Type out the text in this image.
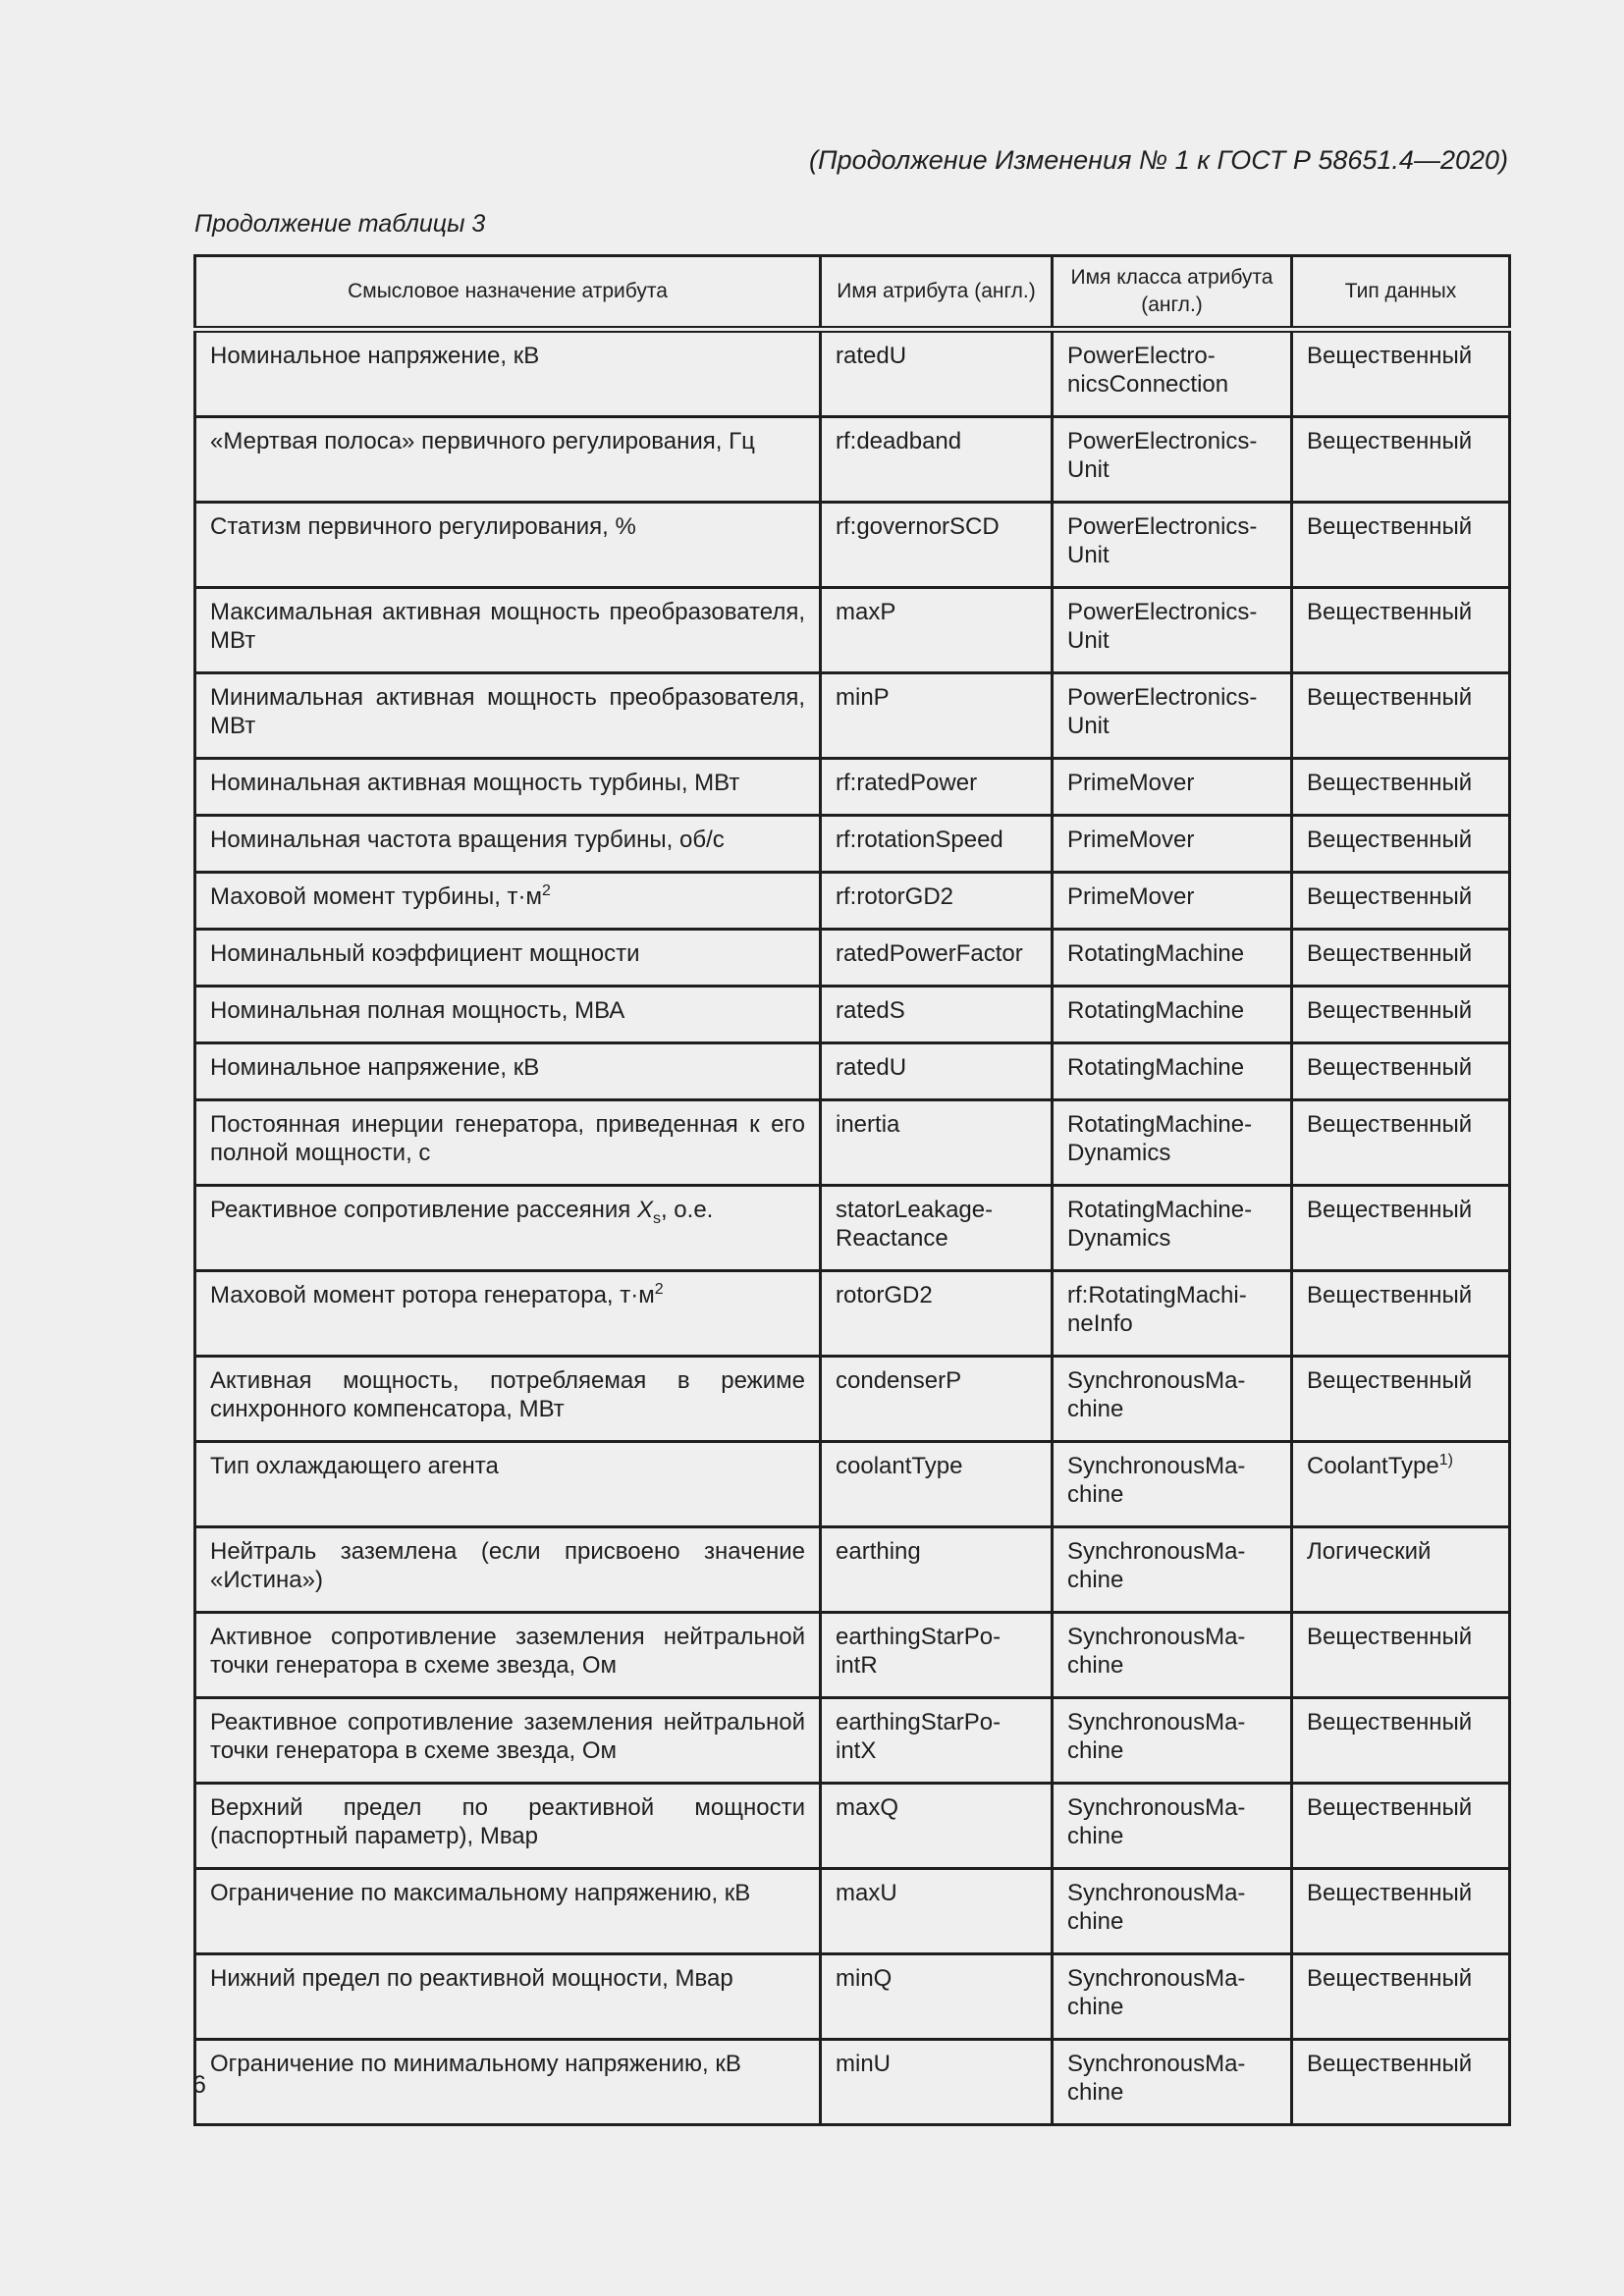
(Продолжение Изменения № 1 к ГОСТ Р 58651.4—2020)
Продолжение таблицы 3
Смысловое назначение атрибута	Имя атрибута (англ.)	Имя класса атрибута (англ.)	Тип данных
Номинальное напряжение, кВ	ratedU	PowerElectro-nicsConnection	Вещественный
«Мертвая полоса» первичного регулирования, Гц	rf:deadband	PowerElectronics-Unit	Вещественный
Статизм первичного регулирования, %	rf:governorSCD	PowerElectronics-Unit	Вещественный
Максимальная активная мощность преобразователя, МВт	maxP	PowerElectronics-Unit	Вещественный
Минимальная активная мощность преобразователя, МВт	minP	PowerElectronics-Unit	Вещественный
Номинальная активная мощность турбины, МВт	rf:ratedPower	PrimeMover	Вещественный
Номинальная частота вращения турбины, об/с	rf:rotationSpeed	PrimeMover	Вещественный
Маховой момент турбины, $т\cdot м^2$	rf:rotorGD2	PrimeMover	Вещественный
Номинальный коэффициент мощности	ratedPowerFactor	RotatingMachine	Вещественный
Номинальная полная мощность, МВА	ratedS	RotatingMachine	Вещественный
Номинальное напряжение, кВ	ratedU	RotatingMachine	Вещественный
Постоянная инерции генератора, приведенная к его полной мощности, с	inertia	RotatingMachine-Dynamics	Вещественный
Реактивное сопротивление рассеяния $X_s$, о.е.	statorLeakage-Reactance	RotatingMachine-Dynamics	Вещественный
Маховой момент ротора генератора, $т\cdot м^2$	rotorGD2	rf:RotatingMachi-neInfo	Вещественный
Активная мощность, потребляемая в режиме синхронного компенсатора, МВт	condenserP	SynchronousMa-chine	Вещественный
Тип охлаждающего агента	coolantType	SynchronousMa-chine	CoolantType$^{1)}$
Нейтраль заземлена (если присвоено значение «Истина»)	earthing	SynchronousMa-chine	Логический
Активное сопротивление заземления нейтральной точки генератора в схеме звезда, Ом	earthingStarPo-intR	SynchronousMa-chine	Вещественный
Реактивное сопротивление заземления нейтральной точки генератора в схеме звезда, Ом	earthingStarPo-intX	SynchronousMa-chine	Вещественный
Верхний предел по реактивной мощности (паспортный параметр), Мвар	maxQ	SynchronousMa-chine	Вещественный
Ограничение по максимальному напряжению, кВ	maxU	SynchronousMa-chine	Вещественный
Нижний предел по реактивной мощности, Мвар	minQ	SynchronousMa-chine	Вещественный
Ограничение по минимальному напряжению, кВ	minU	SynchronousMa-chine	Вещественный
6
